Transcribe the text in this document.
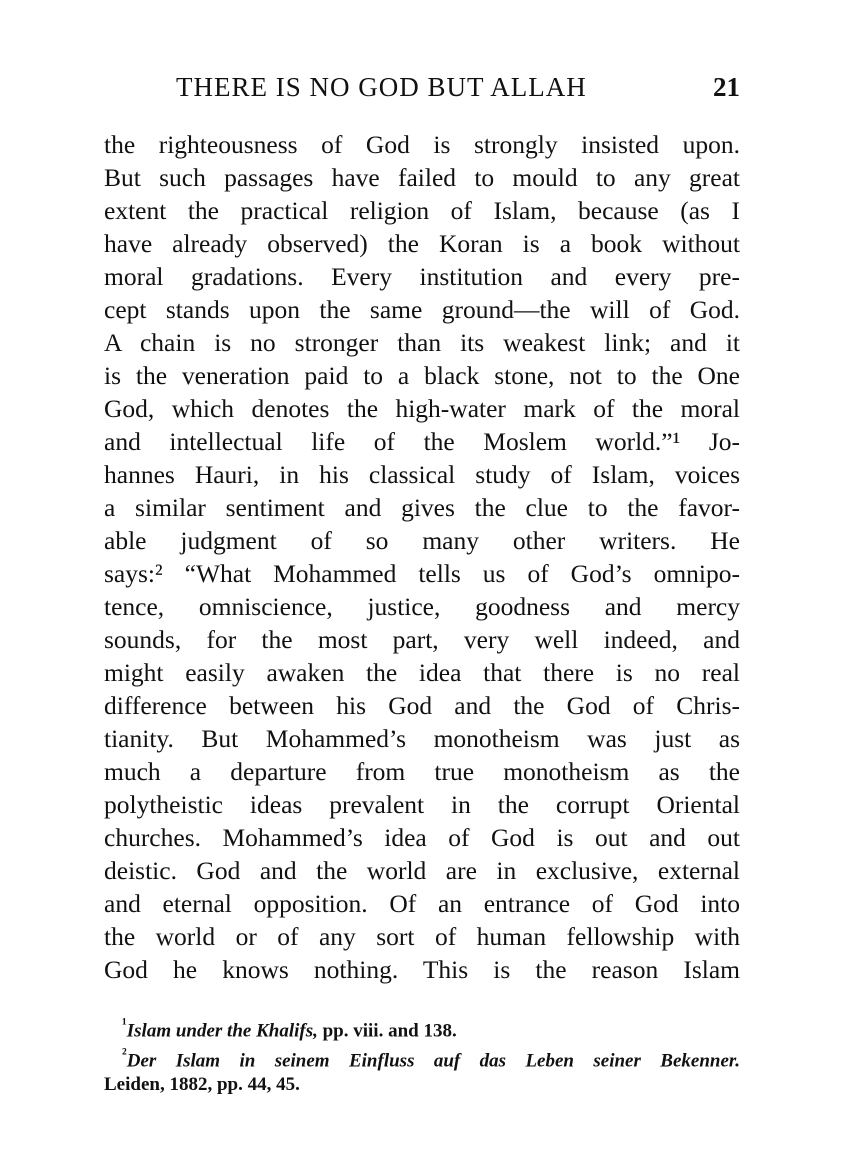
THERE IS NO GOD BUT ALLAH	21
the righteousness of God is strongly insisted upon.
But such passages have failed to mould to any great
extent the practical religion of Islam, because (as I
have already observed) the Koran is a book without
moral gradations. Every institution and every pre-
cept stands upon the same ground—the will of God.
A chain is no stronger than its weakest link; and it
is the veneration paid to a black stone, not to the One
God, which denotes the high-water mark of the moral
and intellectual life of the Moslem world.”¹ Jo-
hannes Hauri, in his classical study of Islam, voices
a similar sentiment and gives the clue to the favor-
able judgment of so many other writers. He
says:² “What Mohammed tells us of God’s omnipo-
tence, omniscience, justice, goodness and mercy
sounds, for the most part, very well indeed, and
might easily awaken the idea that there is no real
difference between his God and the God of Chris-
tianity. But Mohammed’s monotheism was just as
much a departure from true monotheism as the
polytheistic ideas prevalent in the corrupt Oriental
churches. Mohammed’s idea of God is out and out
deistic. God and the world are in exclusive, external
and eternal opposition. Of an entrance of God into
the world or of any sort of human fellowship with
God he knows nothing. This is the reason Islam
$^{^1}$Islam under the Khalifs, pp. viii. and 138.
$^{^2}$Der Islam in seinem Einfluss auf das Leben seiner Bekenner.
Leiden, 1882, pp. 44, 45.
